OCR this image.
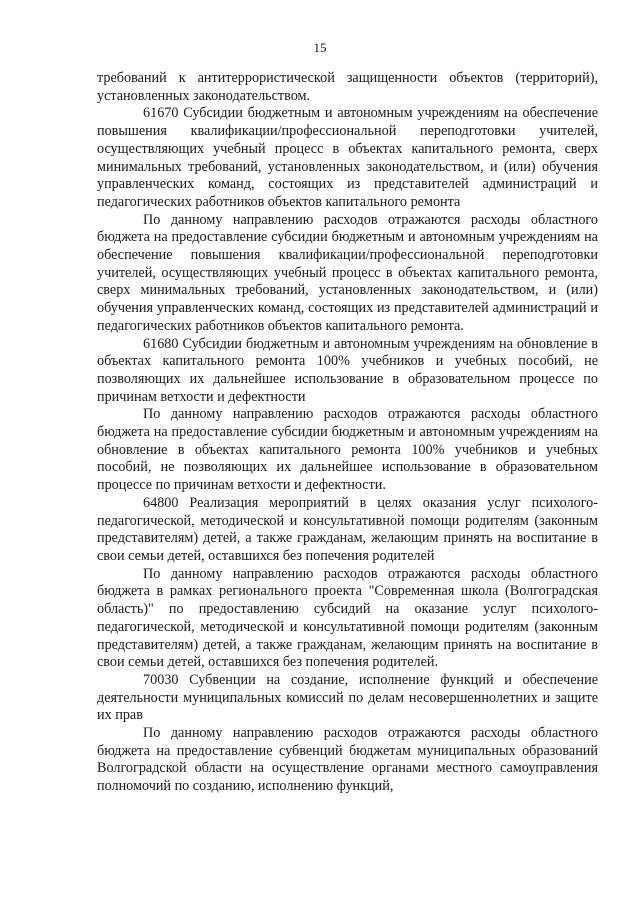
15

требований к антитеррористической защищенности объектов (территорий), установленных законодательством.

61670 Субсидии бюджетным и автономным учреждениям на обеспечение повышения квалификации/профессиональной переподготовки учителей, осуществляющих учебный процесс в объектах капитального ремонта, сверх минимальных требований, установленных законодательством, и (или) обучения управленческих команд, состоящих из представителей администраций и педагогических работников объектов капитального ремонта

По данному направлению расходов отражаются расходы областного бюджета на предоставление субсидии бюджетным и автономным учреждениям на обеспечение повышения квалификации/профессиональной переподготовки учителей, осуществляющих учебный процесс в объектах капитального ремонта, сверх минимальных требований, установленных законодательством, и (или) обучения управленческих команд, состоящих из представителей администраций и педагогических работников объектов капитального ремонта.

61680 Субсидии бюджетным и автономным учреждениям на обновление в объектах капитального ремонта 100% учебников и учебных пособий, не позволяющих их дальнейшее использование в образовательном процессе по причинам ветхости и дефектности

По данному направлению расходов отражаются расходы областного бюджета на предоставление субсидии бюджетным и автономным учреждениям на обновление в объектах капитального ремонта 100% учебников и учебных пособий, не позволяющих их дальнейшее использование в образовательном процессе по причинам ветхости и дефектности.

64800 Реализация мероприятий в целях оказания услуг психолого-педагогической, методической и консультативной помощи родителям (законным представителям) детей, а также гражданам, желающим принять на воспитание в свои семьи детей, оставшихся без попечения родителей

По данному направлению расходов отражаются расходы областного бюджета в рамках регионального проекта "Современная школа (Волгоградская область)" по предоставлению субсидий на оказание услуг психолого-педагогической, методической и консультативной помощи родителям (законным представителям) детей, а также гражданам, желающим принять на воспитание в свои семьи детей, оставшихся без попечения родителей.

70030 Субвенции на создание, исполнение функций и обеспечение деятельности муниципальных комиссий по делам несовершеннолетних и защите их прав

По данному направлению расходов отражаются расходы областного бюджета на предоставление субвенций бюджетам муниципальных образований Волгоградской области на осуществление органами местного самоуправления полномочий по созданию, исполнению функций,
